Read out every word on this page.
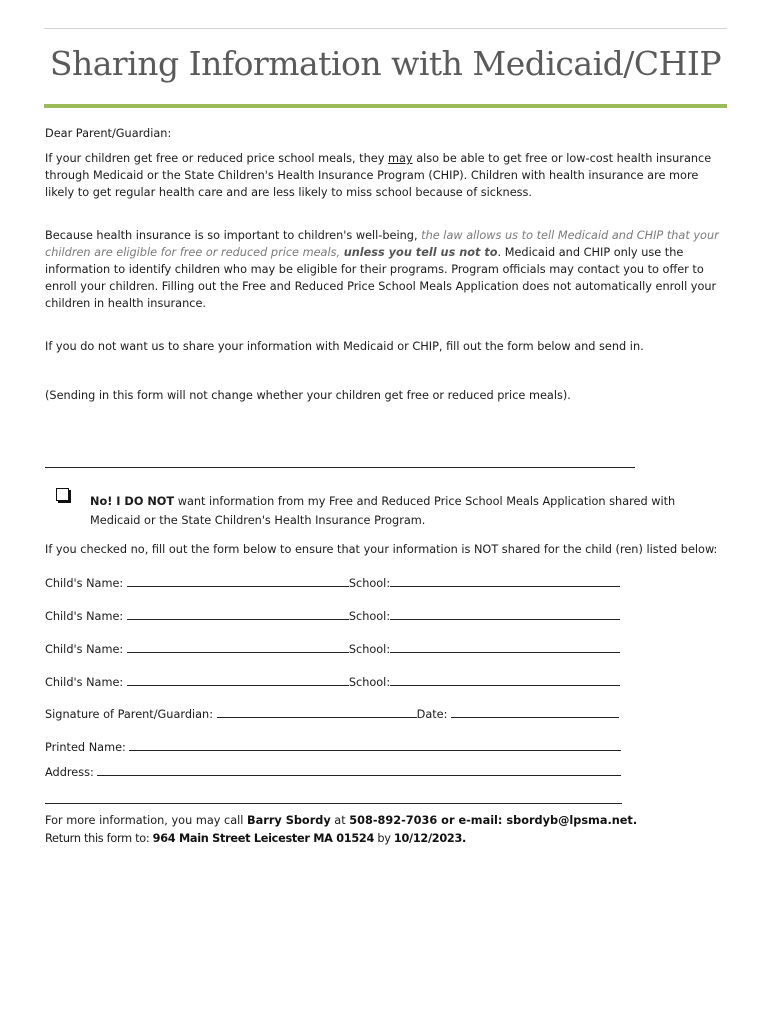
Sharing Information with Medicaid/CHIP

Dear Parent/Guardian:

If your children get free or reduced price school meals, they may also be able to get free or low-cost health insurance through Medicaid or the State Children's Health Insurance Program (CHIP). Children with health insurance are more likely to get regular health care and are less likely to miss school because of sickness.

Because health insurance is so important to children's well-being, the law allows us to tell Medicaid and CHIP that your children are eligible for free or reduced price meals, unless you tell us not to. Medicaid and CHIP only use the information to identify children who may be eligible for their programs. Program officials may contact you to offer to enroll your children. Filling out the Free and Reduced Price School Meals Application does not automatically enroll your children in health insurance.

If you do not want us to share your information with Medicaid or CHIP, fill out the form below and send in.

(Sending in this form will not change whether your children get free or reduced price meals).

No! I DO NOT want information from my Free and Reduced Price School Meals Application shared with Medicaid or the State Children's Health Insurance Program.

If you checked no, fill out the form below to ensure that your information is NOT shared for the child (ren) listed below:

Child's Name:	School:
Child's Name:	School:
Child's Name:	School:
Child's Name:	School:
Signature of Parent/Guardian:	Date:
Printed Name:
Address:
For more information, you may call Barry Sbordy at 508-892-7036 or e-mail: sbordyb@lpsma.net.
Return this form to: 964 Main Street Leicester MA 01524 by 10/12/2023.
